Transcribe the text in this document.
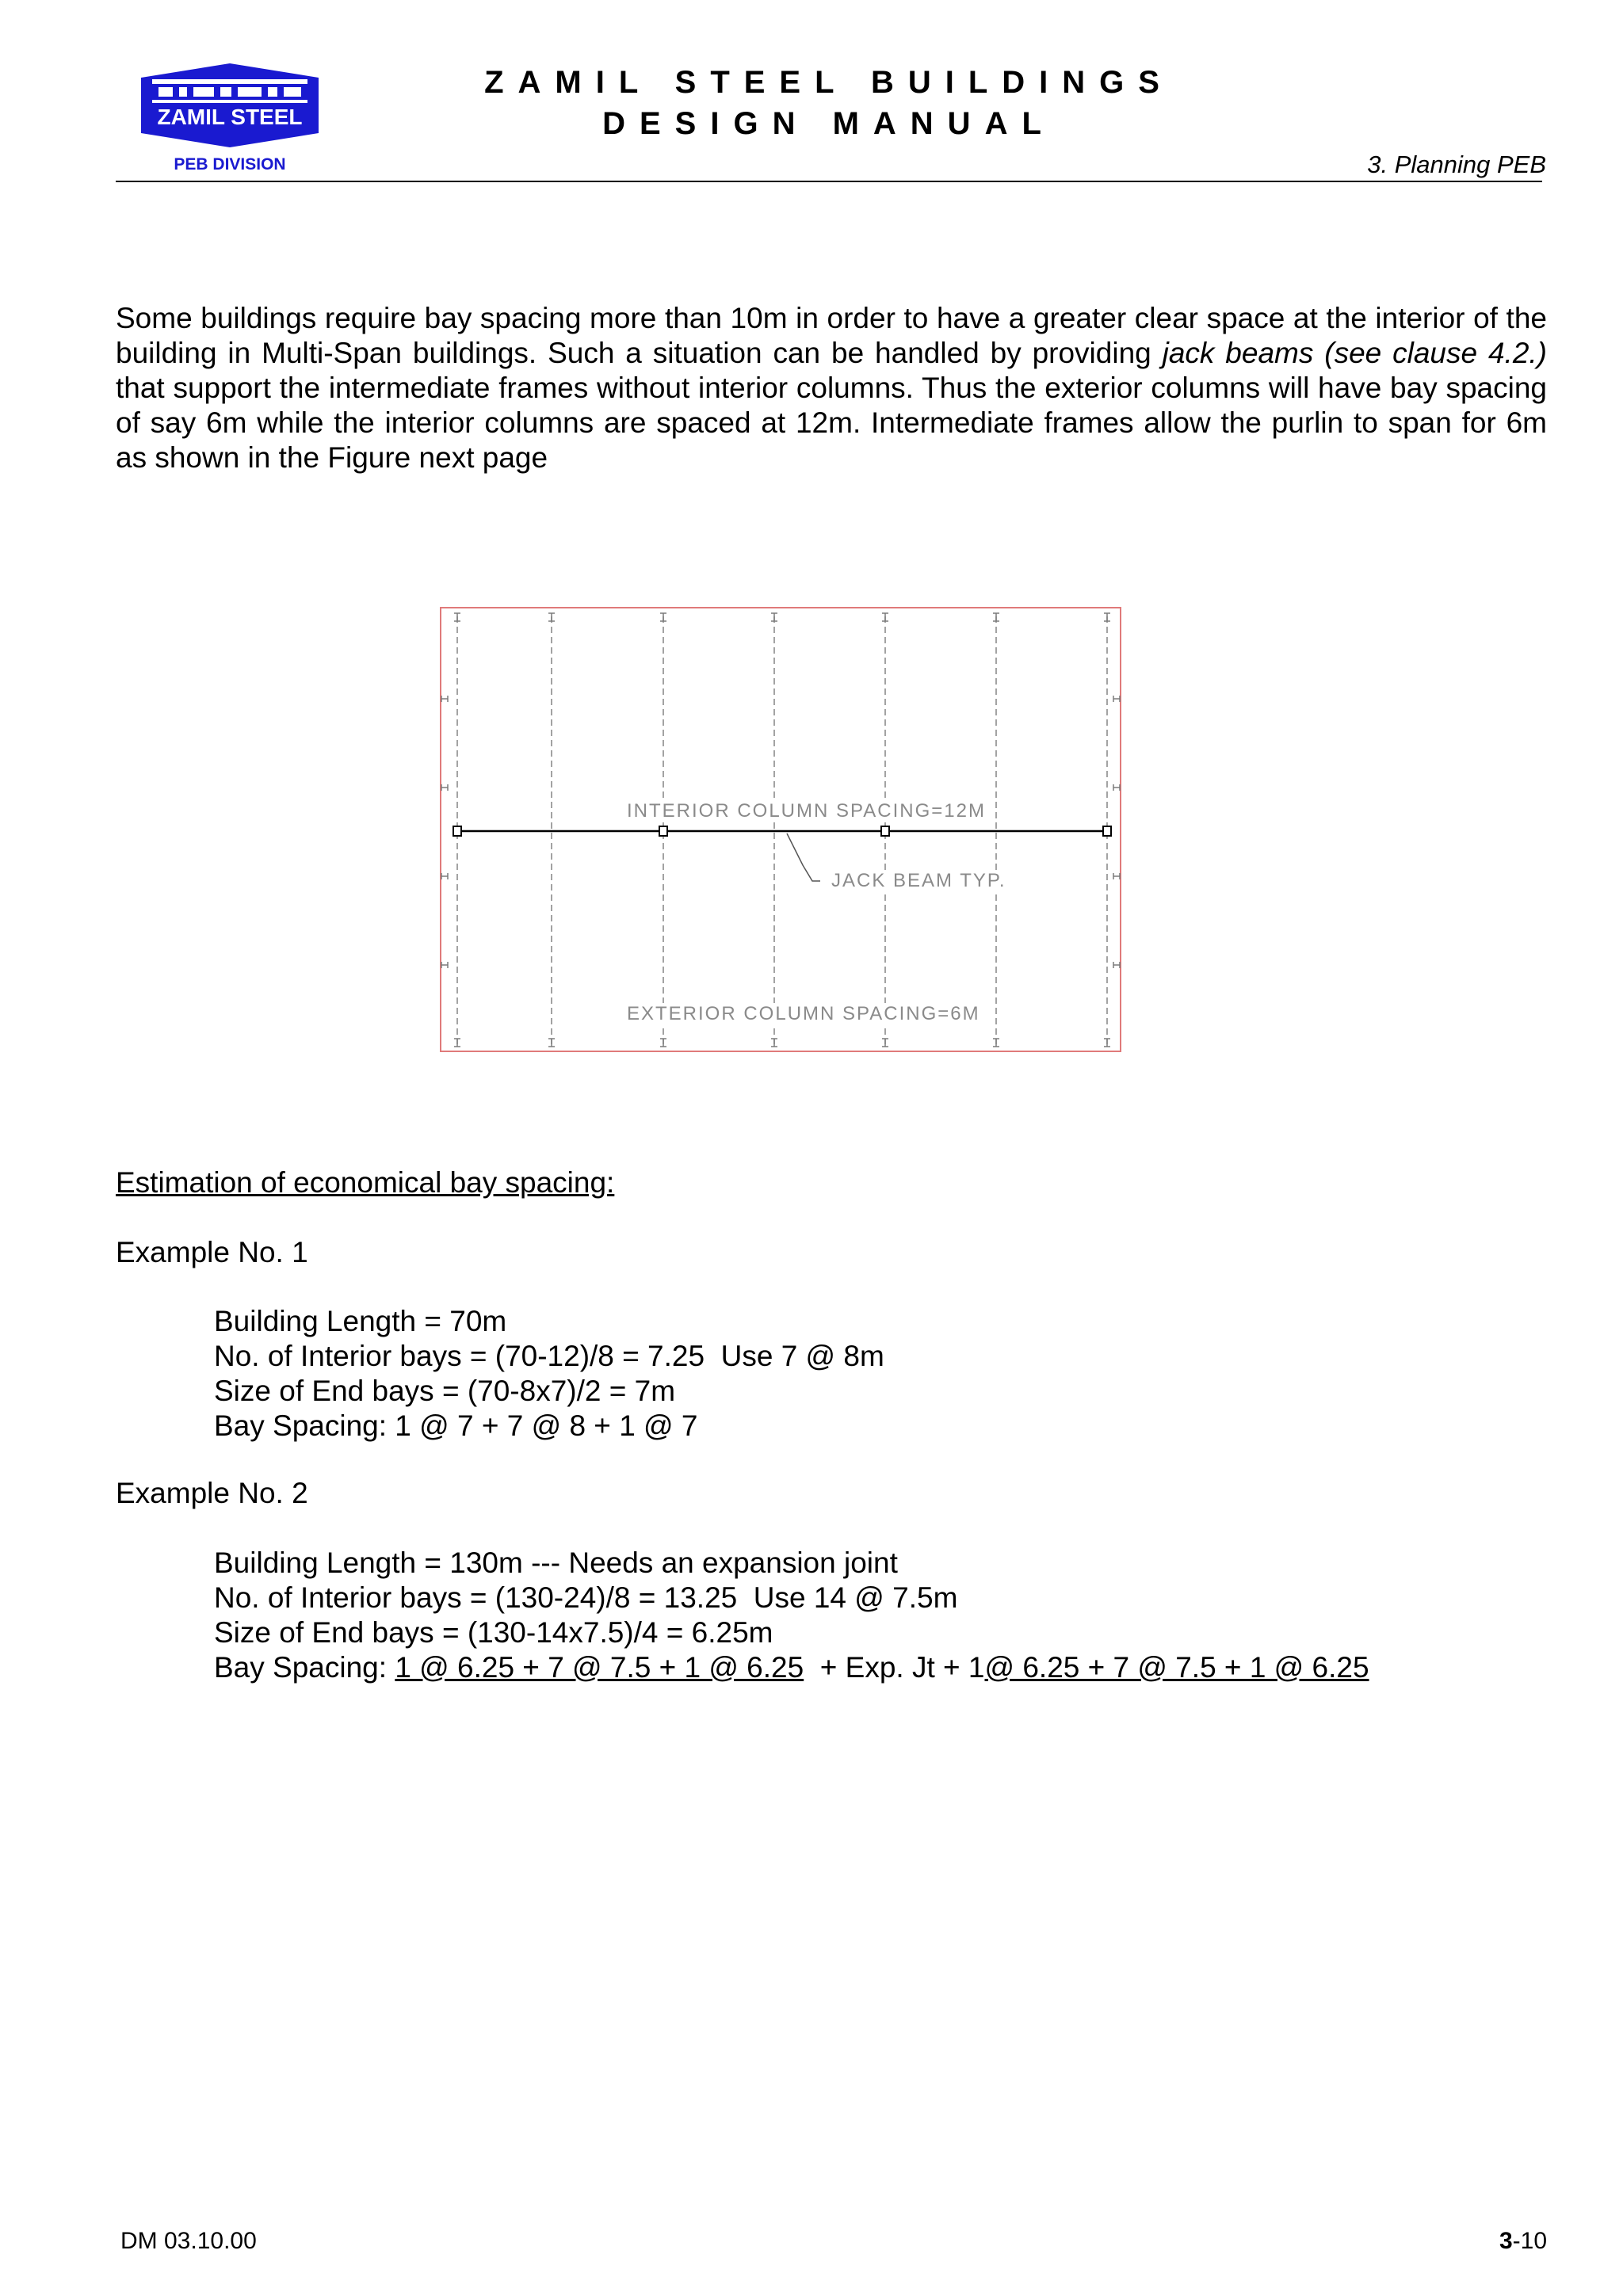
ZAMIL STEEL
PEB DIVISION
ZAMIL STEEL BUILDINGS
DESIGN MANUAL
3. Planning PEB
Some buildings require bay spacing more than 10m in order to have a greater clear space at the interior of the building in Multi-Span buildings. Such a situation can be handled by providing jack beams (see clause 4.2.) that support the intermediate frames without interior columns. Thus the exterior columns will have bay spacing of say 6m while the interior columns are spaced at 12m. Intermediate frames allow the purlin to span for 6m as shown in the Figure next page
INTERIOR COLUMN SPACING=12M
JACK BEAM TYP.
EXTERIOR COLUMN SPACING=6M
Estimation of economical bay spacing:
Example No. 1
Building Length = 70m
No. of Interior bays = (70-12)/8 = 7.25  Use 7 @ 8m
Size of End bays = (70-8x7)/2 = 7m
Bay Spacing: 1 @ 7 + 7 @ 8 + 1 @ 7
Example No. 2
Building Length = 130m --- Needs an expansion joint
No. of Interior bays = (130-24)/8 = 13.25  Use 14 @ 7.5m
Size of End bays = (130-14x7.5)/4 = 6.25m
Bay Spacing: 1 @ 6.25 + 7 @ 7.5 + 1 @ 6.25  + Exp. Jt + 1@ 6.25 + 7 @ 7.5 + 1 @ 6.25
DM 03.10.00	3-10
